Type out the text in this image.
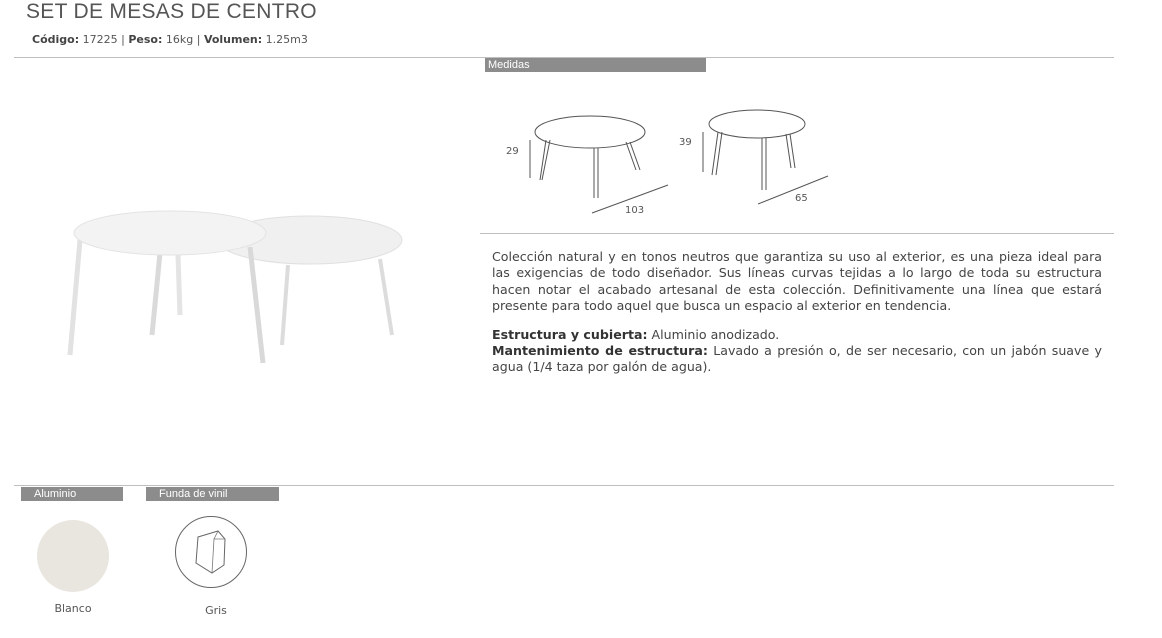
SET DE MESAS DE CENTRO
Código: 17225 | Peso: 16kg | Volumen: 1.25m3
Medidas
29
103
39
65

Colección natural y en tonos neutros que garantiza su uso al exterior, es una pieza ideal para las exigencias de todo diseñador. Sus líneas curvas tejidas a lo largo de toda su estructura hacen notar el acabado artesanal de esta colección. Definitivamente una línea que estará presente para todo aquel que busca un espacio al exterior en tendencia.

Estructura y cubierta: Aluminio anodizado.
Mantenimiento de estructura: Lavado a presión o, de ser necesario, con un jabón suave y agua (1/4 taza por galón de agua).
Aluminio	Funda de vinil
Blanco	Gris
